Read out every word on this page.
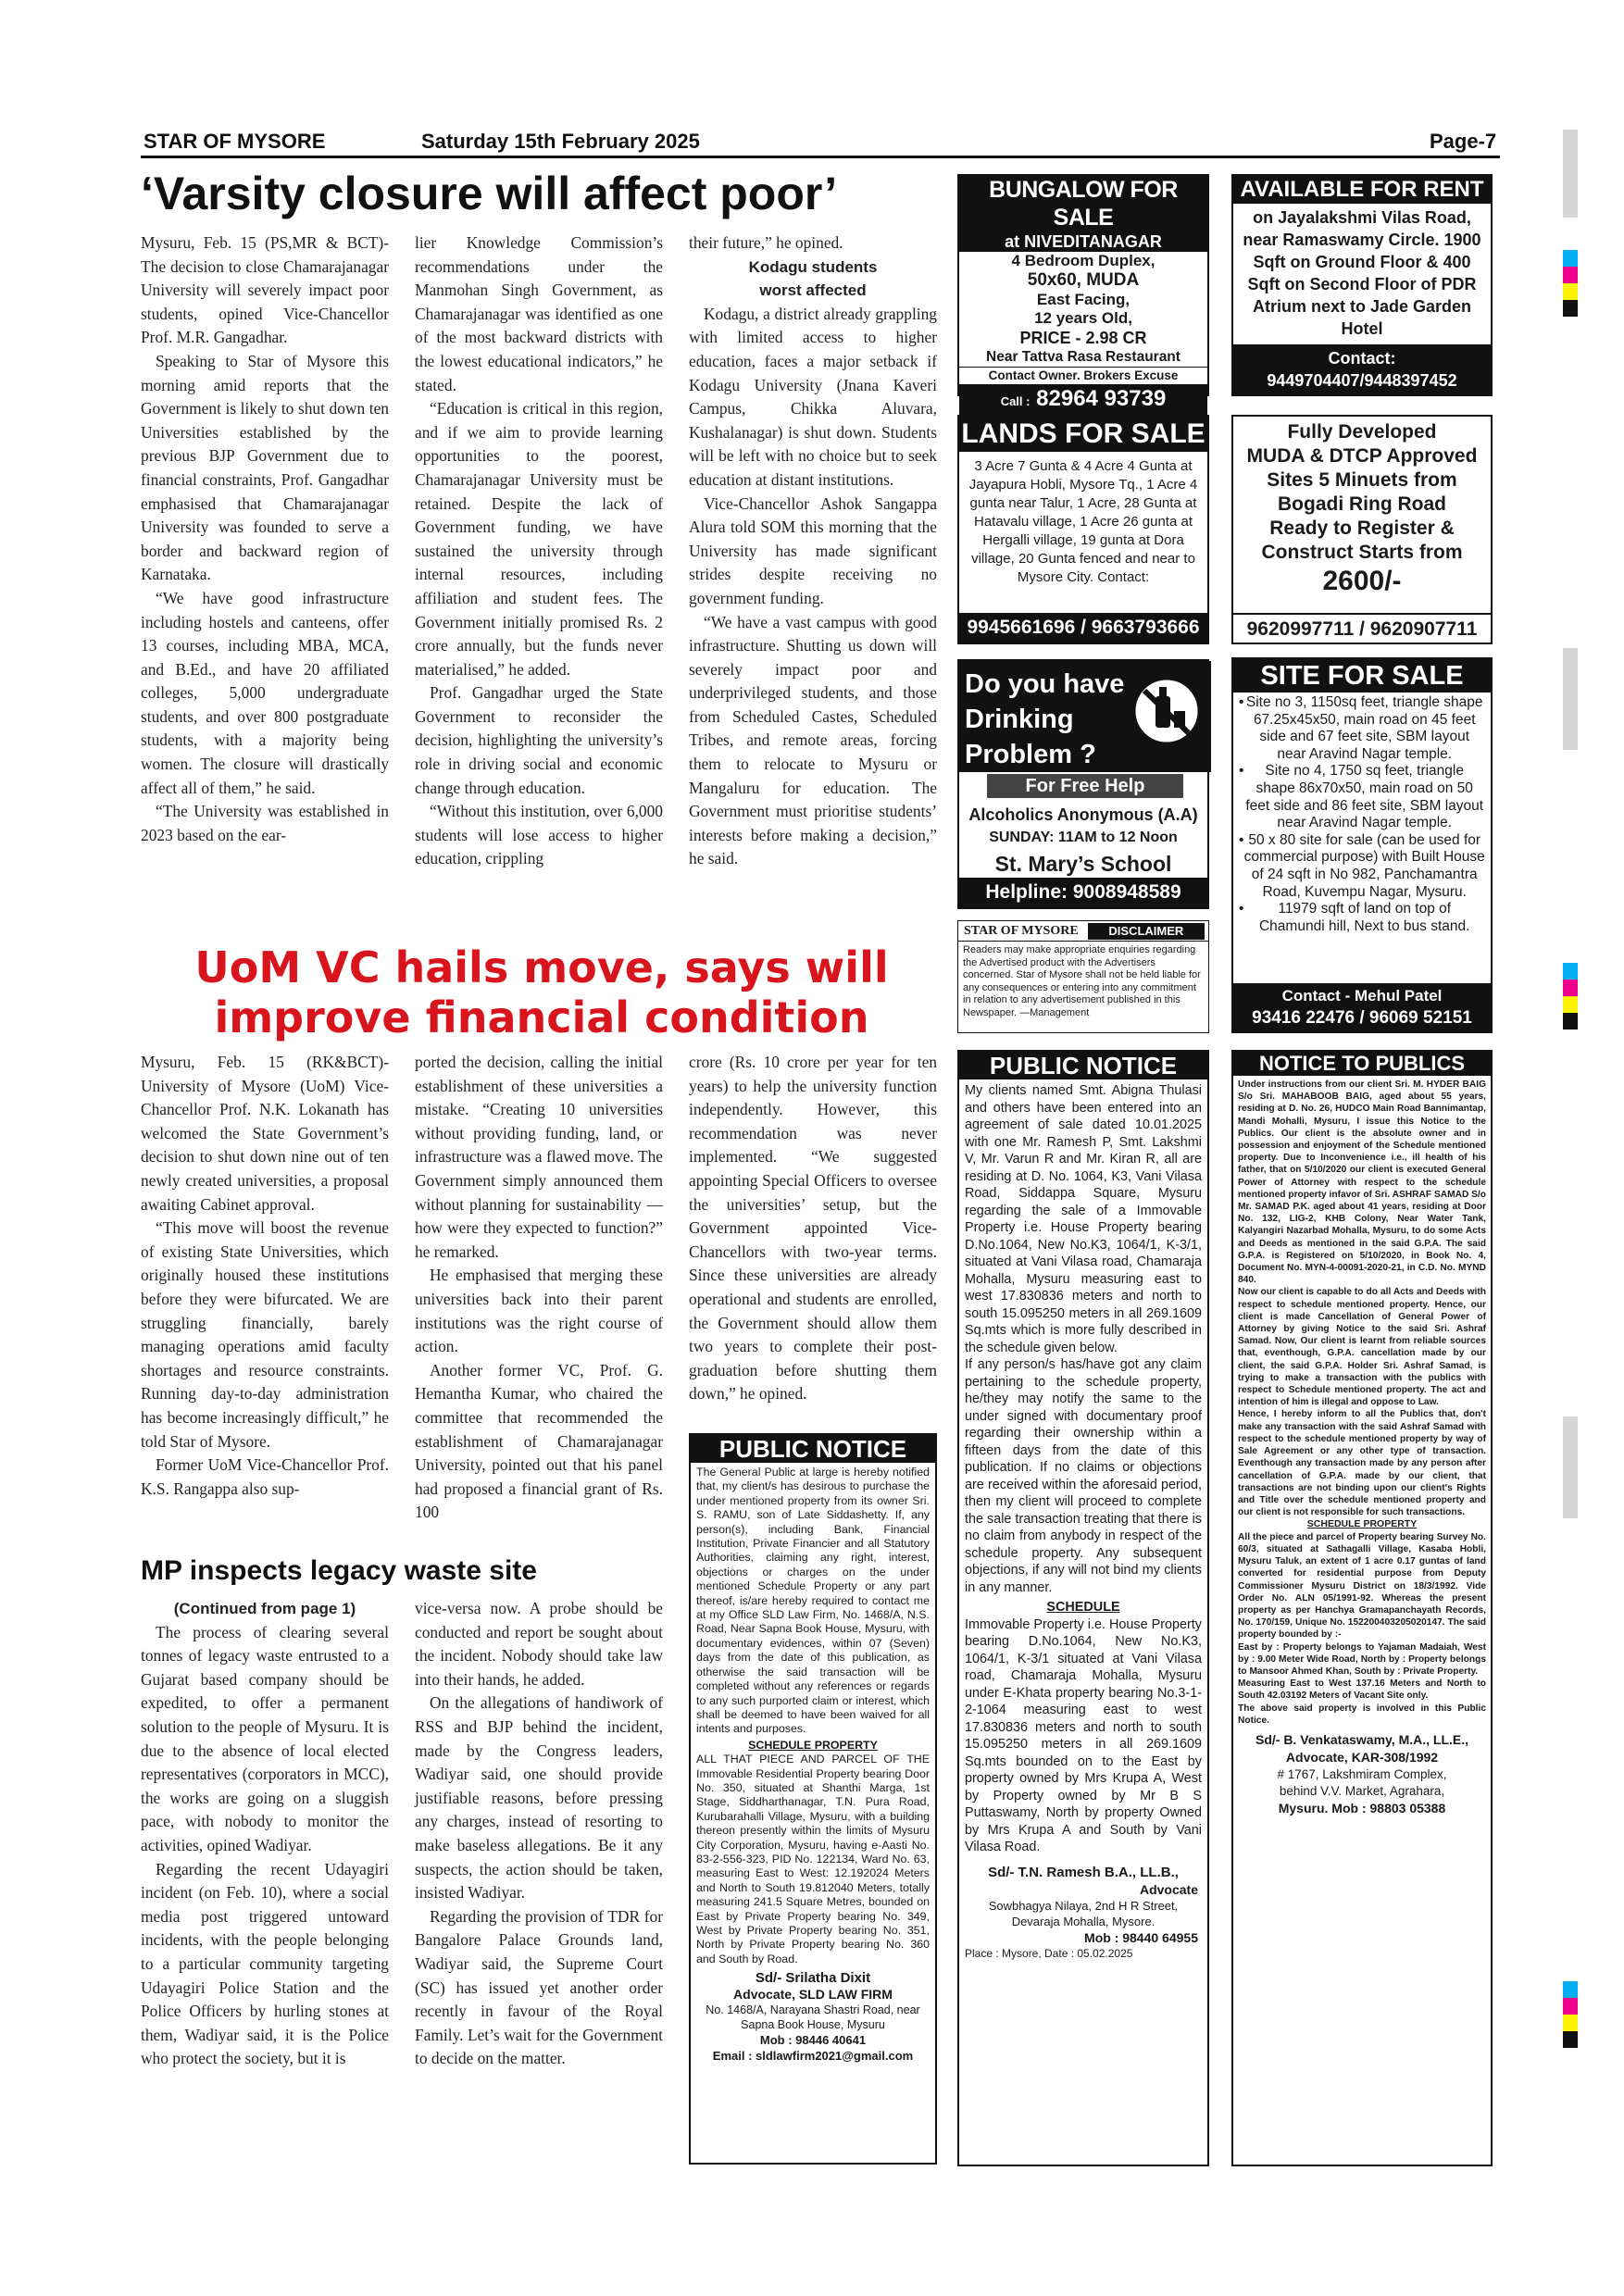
STAR OF MYSORE	Saturday 15th February 2025	Page-7
‘Varsity closure will affect poor’

Mysuru, Feb. 15 (PS,MR & BCT)- The decision to close Chamarajanagar University will severely impact poor students, opined Vice-Chancellor Prof. M.R. Gangadhar.

Speaking to Star of Mysore this morning amid reports that the Government is likely to shut down ten Universities established by the previous BJP Government due to financial constraints, Prof. Gangadhar emphasised that Chamarajanagar University was founded to serve a border and backward region of Karnataka.

“We have good infrastructure including hostels and canteens, offer 13 courses, including MBA, MCA, and B.Ed., and have 20 affiliated colleges, 5,000 undergraduate students, and over 800 postgraduate students, with a majority being women. The closure will drastically affect all of them,” he said.

“The University was established in 2023 based on the ear-

lier Knowledge Commission’s recommendations under the Manmohan Singh Government, as Chamarajanagar was identified as one of the most backward districts with the lowest educational indicators,” he stated.

“Education is critical in this region, and if we aim to provide learning opportunities to the poorest, Chamarajanagar University must be retained. Despite the lack of Government funding, we have sustained the university through internal resources, including affiliation and student fees. The Government initially promised Rs. 2 crore annually, but the funds never materialised,” he added.

Prof. Gangadhar urged the State Government to reconsider the decision, highlighting the university’s role in driving social and economic change through education.

“Without this institution, over 6,000 students will lose access to higher education, crippling

their future,” he opined.

Kodagu students

worst affected

Kodagu, a district already grappling with limited access to higher education, faces a major setback if Kodagu University (Jnana Kaveri Campus, Chikka Aluvara, Kushalanagar) is shut down. Students will be left with no choice but to seek education at distant institutions.

Vice-Chancellor Ashok Sangappa Alura told SOM this morning that the University has made significant strides despite receiving no government funding.

“We have a vast campus with good infrastructure. Shutting us down will severely impact poor and underprivileged students, and those from Scheduled Castes, Scheduled Tribes, and remote areas, forcing them to relocate to Mysuru or Mangaluru for education. The Government must prioritise students’ interests before making a decision,” he said.

UoM VC hails move, says will
improve financial condition

Mysuru, Feb. 15 (RK&BCT)- University of Mysore (UoM) Vice-Chancellor Prof. N.K. Lokanath has welcomed the State Government’s decision to shut down nine out of ten newly created universities, a proposal awaiting Cabinet approval.

“This move will boost the revenue of existing State Universities, which originally housed these institutions before they were bifurcated. We are struggling financially, barely managing operations amid faculty shortages and resource constraints. Running day-to-day administration has become increasingly difficult,” he told Star of Mysore.

Former UoM Vice-Chancellor Prof. K.S. Rangappa also sup-

ported the decision, calling the initial establishment of these universities a mistake. “Creating 10 universities without providing funding, land, or infrastructure was a flawed move. The Government simply announced them without planning for sustainability — how were they expected to function?” he remarked.

He emphasised that merging these universities back into their parent institutions was the right course of action.

Another former VC, Prof. G. Hemantha Kumar, who chaired the committee that recommended the establishment of Chamarajanagar University, pointed out that his panel had proposed a financial grant of Rs. 100

crore (Rs. 10 crore per year for ten years) to help the university function independently. However, this recommendation was never implemented. “We suggested appointing Special Officers to oversee the universities’ setup, but the Government appointed Vice-Chancellors with two-year terms. Since these universities are already operational and students are enrolled, the Government should allow them two years to complete their post-graduation before shutting them down,” he opined.

MP inspects legacy waste site

(Continued from page 1)

The process of clearing several tonnes of legacy waste entrusted to a Gujarat based company should be expedited, to offer a permanent solution to the people of Mysuru. It is due to the absence of local elected representatives (corporators in MCC), the works are going on a sluggish pace, with nobody to monitor the activities, opined Wadiyar.

Regarding the recent Udayagiri incident (on Feb. 10), where a social media post triggered untoward incidents, with the people belonging to a particular community targeting Udayagiri Police Station and the Police Officers by hurling stones at them, Wadiyar said, it is the Police who protect the society, but it is

vice-versa now. A probe should be conducted and report be sought about the incident. Nobody should take law into their hands, he added.

On the allegations of handiwork of RSS and BJP behind the incident, made by the Congress leaders, Wadiyar said, one should provide justifiable reasons, before pressing any charges, instead of resorting to make baseless allegations. Be it any suspects, the action should be taken, insisted Wadiyar.

Regarding the provision of TDR for Bangalore Palace Grounds land, Wadiyar said, the Supreme Court (SC) has issued yet another order recently in favour of the Royal Family. Let’s wait for the Government to decide on the matter.

PUBLIC NOTICE
The General Public at large is hereby notified that, my client/s has desirous to purchase the under mentioned property from its owner Sri. S. RAMU, son of Late Siddashetty. If, any person(s), including Bank, Financial Institution, Private Financier and all Statutory Authorities, claiming any right, interest, objections or charges on the under mentioned Schedule Property or any part thereof, is/are hereby required to contact me at my Office SLD Law Firm, No. 1468/A, N.S. Road, Near Sapna Book House, Mysuru, with documentary evidences, within 07 (Seven) days from the date of this publication, as otherwise the said transaction will be completed without any references or regards to any such purported claim or interest, which shall be deemed to have been waived for all intents and purposes.
SCHEDULE PROPERTY
ALL THAT PIECE AND PARCEL OF THE Immovable Residential Property bearing Door No. 350, situated at Shanthi Marga, 1st Stage, Siddharthanagar, T.N. Pura Road, Kurubarahalli Village, Mysuru, with a building thereon presently within the limits of Mysuru City Corporation, Mysuru, having e-Aasti No. 83-2-556-323, PID No. 122134, Ward No. 63, measuring East to West: 12.192024 Meters and North to South 19.812040 Meters, totally measuring 241.5 Square Metres, bounded on East by Private Property bearing No. 349, West by Private Property bearing No. 351, North by Private Property bearing No. 360 and South by Road.
Sd/- Srilatha Dixit
Advocate, SLD LAW FIRM
No. 1468/A, Narayana Shastri Road, near
Sapna Book House, Mysuru
Mob : 98446 40641
Email : sldlawfirm2021@gmail.com
BUNGALOW FOR SALE
at NIVEDITANAGAR
4 Bedroom Duplex,
50x60, MUDA
East Facing,
12 years Old,
PRICE - 2.98 CR
Near Tattva Rasa Restaurant
Contact Owner. Brokers Excuse
Call : 82964 93739
AVAILABLE FOR RENT
on Jayalakshmi Vilas Road, near Ramaswamy Circle. 1900 Sqft on Ground Floor & 400 Sqft on Second Floor of PDR Atrium next to Jade Garden Hotel
Contact:
9449704407/9448397452
LANDS FOR SALE
3 Acre 7 Gunta & 4 Acre 4 Gunta at Jayapura Hobli, Mysore Tq., 1 Acre 4 gunta near Talur, 1 Acre, 28 Gunta at Hatavalu village, 1 Acre 26 gunta at Hergalli village, 19 gunta at Dora village, 20 Gunta fenced and near to Mysore City. Contact:
9945661696 / 9663793666
Fully Developed
MUDA & DTCP Approved
Sites 5 Minuets from
Bogadi Ring Road
Ready to Register &
Construct Starts from
2600/-
9620997711 / 9620907711
Do you have
Drinking
Problem ?
For Free Help
Alcoholics Anonymous (A.A)
SUNDAY: 11AM to 12 Noon
St. Mary’s School
Helpline: 9008948589
STAR OF MYSORE	DISCLAIMER
Readers may make appropriate enquiries regarding the Advertised product with the Advertisers concerned. Star of Mysore shall not be held liable for any consequences or entering into any commitment in relation to any advertisement published in this Newspaper. —Management
SITE FOR SALE
• Site no 3, 1150sq feet, triangle shape 67.25x45x50, main road on 45 feet side and 67 feet site, SBM layout near Aravind Nagar temple.
•	Site no 4, 1750 sq feet, triangle shape 86x70x50, main road on 50 feet side and 86 feet site, SBM layout near Aravind Nagar temple.
• 50 x 80 site for sale (can be used for commercial purpose) with Built House of 24 sqft in No 982, Panchamantra Road, Kuvempu Nagar, Mysuru.
•	11979 sqft of land on top of Chamundi hill, Next to bus stand.
Contact - Mehul Patel
93416 22476 / 96069 52151
PUBLIC NOTICE
My clients named Smt. Abigna Thulasi and others have been entered into an agreement of sale dated 10.01.2025 with one Mr. Ramesh P, Smt. Lakshmi V, Mr. Varun R and Mr. Kiran R, all are residing at D. No. 1064, K3, Vani Vilasa Road, Siddappa Square, Mysuru regarding the sale of a Immovable Property i.e. House Property bearing D.No.1064, New No.K3, 1064/1, K-3/1, situated at Vani Vilasa road, Chamaraja Mohalla, Mysuru measuring east to west 17.830836 meters and north to south 15.095250 meters in all 269.1609 Sq.mts which is more fully described in the schedule given below.
If any person/s has/have got any claim pertaining to the schedule property, he/they may notify the same to the under signed with documentary proof regarding their ownership within a fifteen days from the date of this publication. If no claims or objections are received within the aforesaid period, then my client will proceed to complete the sale transaction treating that there is no claim from anybody in respect of the schedule property. Any subsequent objections, if any will not bind my clients in any manner.
SCHEDULE
Immovable Property i.e. House Property bearing D.No.1064, New No.K3, 1064/1, K-3/1 situated at Vani Vilasa road, Chamaraja Mohalla, Mysuru under E-Khata property bearing No.3-1-2-1064 measuring east to west 17.830836 meters and north to south 15.095250 meters in all 269.1609 Sq.mts bounded on to the East by property owned by Mrs Krupa A, West by Property owned by Mr B S Puttaswamy, North by property Owned by Mrs Krupa A and South by Vani Vilasa Road.
Sd/- T.N. Ramesh B.A., LL.B.,
Advocate
Sowbhagya Nilaya, 2nd H R Street,
Devaraja Mohalla, Mysore.
Mob : 98440 64955
Place : Mysore, Date : 05.02.2025
NOTICE TO PUBLICS
Under instructions from our client Sri. M. HYDER BAIG S/o Sri. MAHABOOB BAIG, aged about 55 years, residing at D. No. 26, HUDCO Main Road Bannimantap, Mandi Mohalli, Mysuru, I issue this Notice to the Publics. Our client is the absolute owner and in possession and enjoyment of the Schedule mentioned property. Due to Inconvenience i.e., ill health of his father, that on 5/10/2020 our client is executed General Power of Attorney with respect to the schedule mentioned property infavor of Sri. ASHRAF SAMAD S/o Mr. SAMAD P.K. aged about 41 years, residing at Door No. 132, LIG-2, KHB Colony, Near Water Tank, Kalyangiri Nazarbad Mohalla, Mysuru, to do some Acts and Deeds as mentioned in the said G.P.A. The said G.P.A. is Registered on 5/10/2020, in Book No. 4, Document No. MYN-4-00091-2020-21, in C.D. No. MYND 840.
Now our client is capable to do all Acts and Deeds with respect to schedule mentioned property. Hence, our client is made Cancellation of General Power of Attorney by giving Notice to the said Sri. Ashraf Samad. Now, Our client is learnt from reliable sources that, eventhough, G.P.A. cancellation made by our client, the said G.P.A. Holder Sri. Ashraf Samad, is trying to make a transaction with the publics with respect to Schedule mentioned property. The act and intention of him is illegal and oppose to Law.
Hence, I hereby inform to all the Publics that, don't make any transaction with the said Ashraf Samad with respect to the schedule mentioned property by way of Sale Agreement or any other type of transaction. Eventhough any transaction made by any person after cancellation of G.P.A. made by our client, that transactions are not binding upon our client's Rights and Title over the schedule mentioned property and our client is not responsible for such transactions.
SCHEDULE PROPERTY
All the piece and parcel of Property bearing Survey No. 60/3, situated at Sathagalli Village, Kasaba Hobli, Mysuru Taluk, an extent of 1 acre 0.17 guntas of land converted for residential purpose from Deputy Commissioner Mysuru District on 18/3/1992. Vide Order No. ALN 05/1991-92. Whereas the present property as per Hanchya Gramapanchayath Records, No. 170/159, Unique No. 152200403205020147. The said property bounded by :-
East by : Property belongs to Yajaman Madaiah, West by : 9.00 Meter Wide Road, North by : Property belongs to Mansoor Ahmed Khan, South by : Private Property.
Measuring East to West 137.16 Meters and North to South 42.03192 Meters of Vacant Site only.
The above said property is involved in this Public Notice.
Sd/- B. Venkataswamy, M.A., LL.E.,
Advocate, KAR-308/1992
# 1767, Lakshmiram Complex,
behind V.V. Market, Agrahara,
Mysuru. Mob : 98803 05388
